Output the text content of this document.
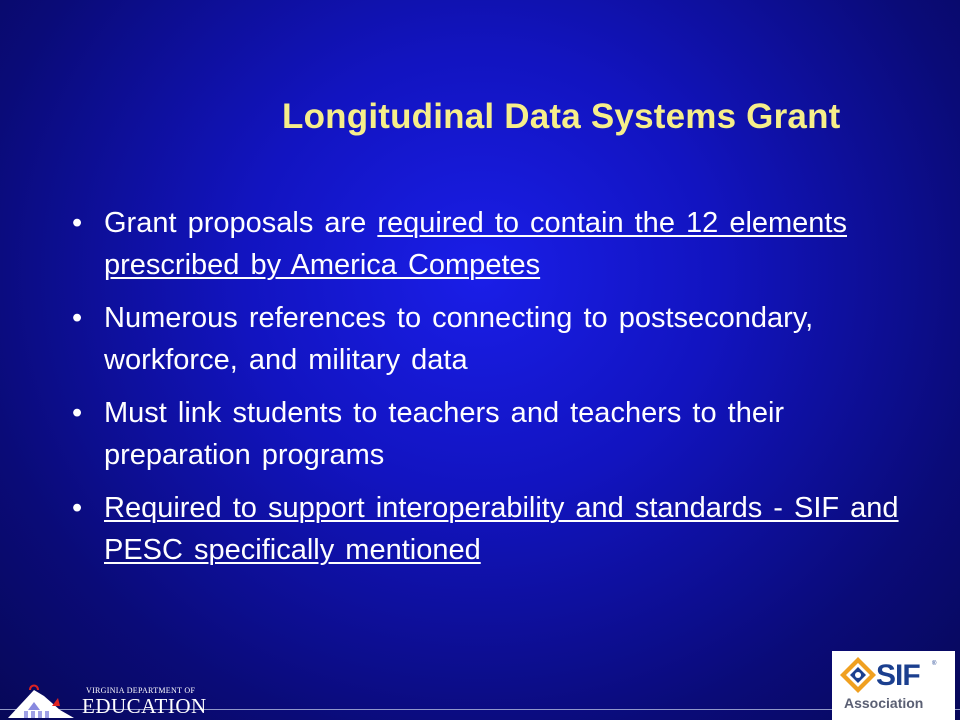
Longitudinal Data Systems Grant
• Grant proposals are required to contain the 12 elements prescribed by America Competes
• Numerous references to connecting to postsecondary, workforce, and military data
• Must link students to teachers and teachers to their preparation programs
• Required to support interoperability and standards - SIF and PESC specifically mentioned
VIRGINIA DEPARTMENT OF
EDUCATION
SIF ®
Association
